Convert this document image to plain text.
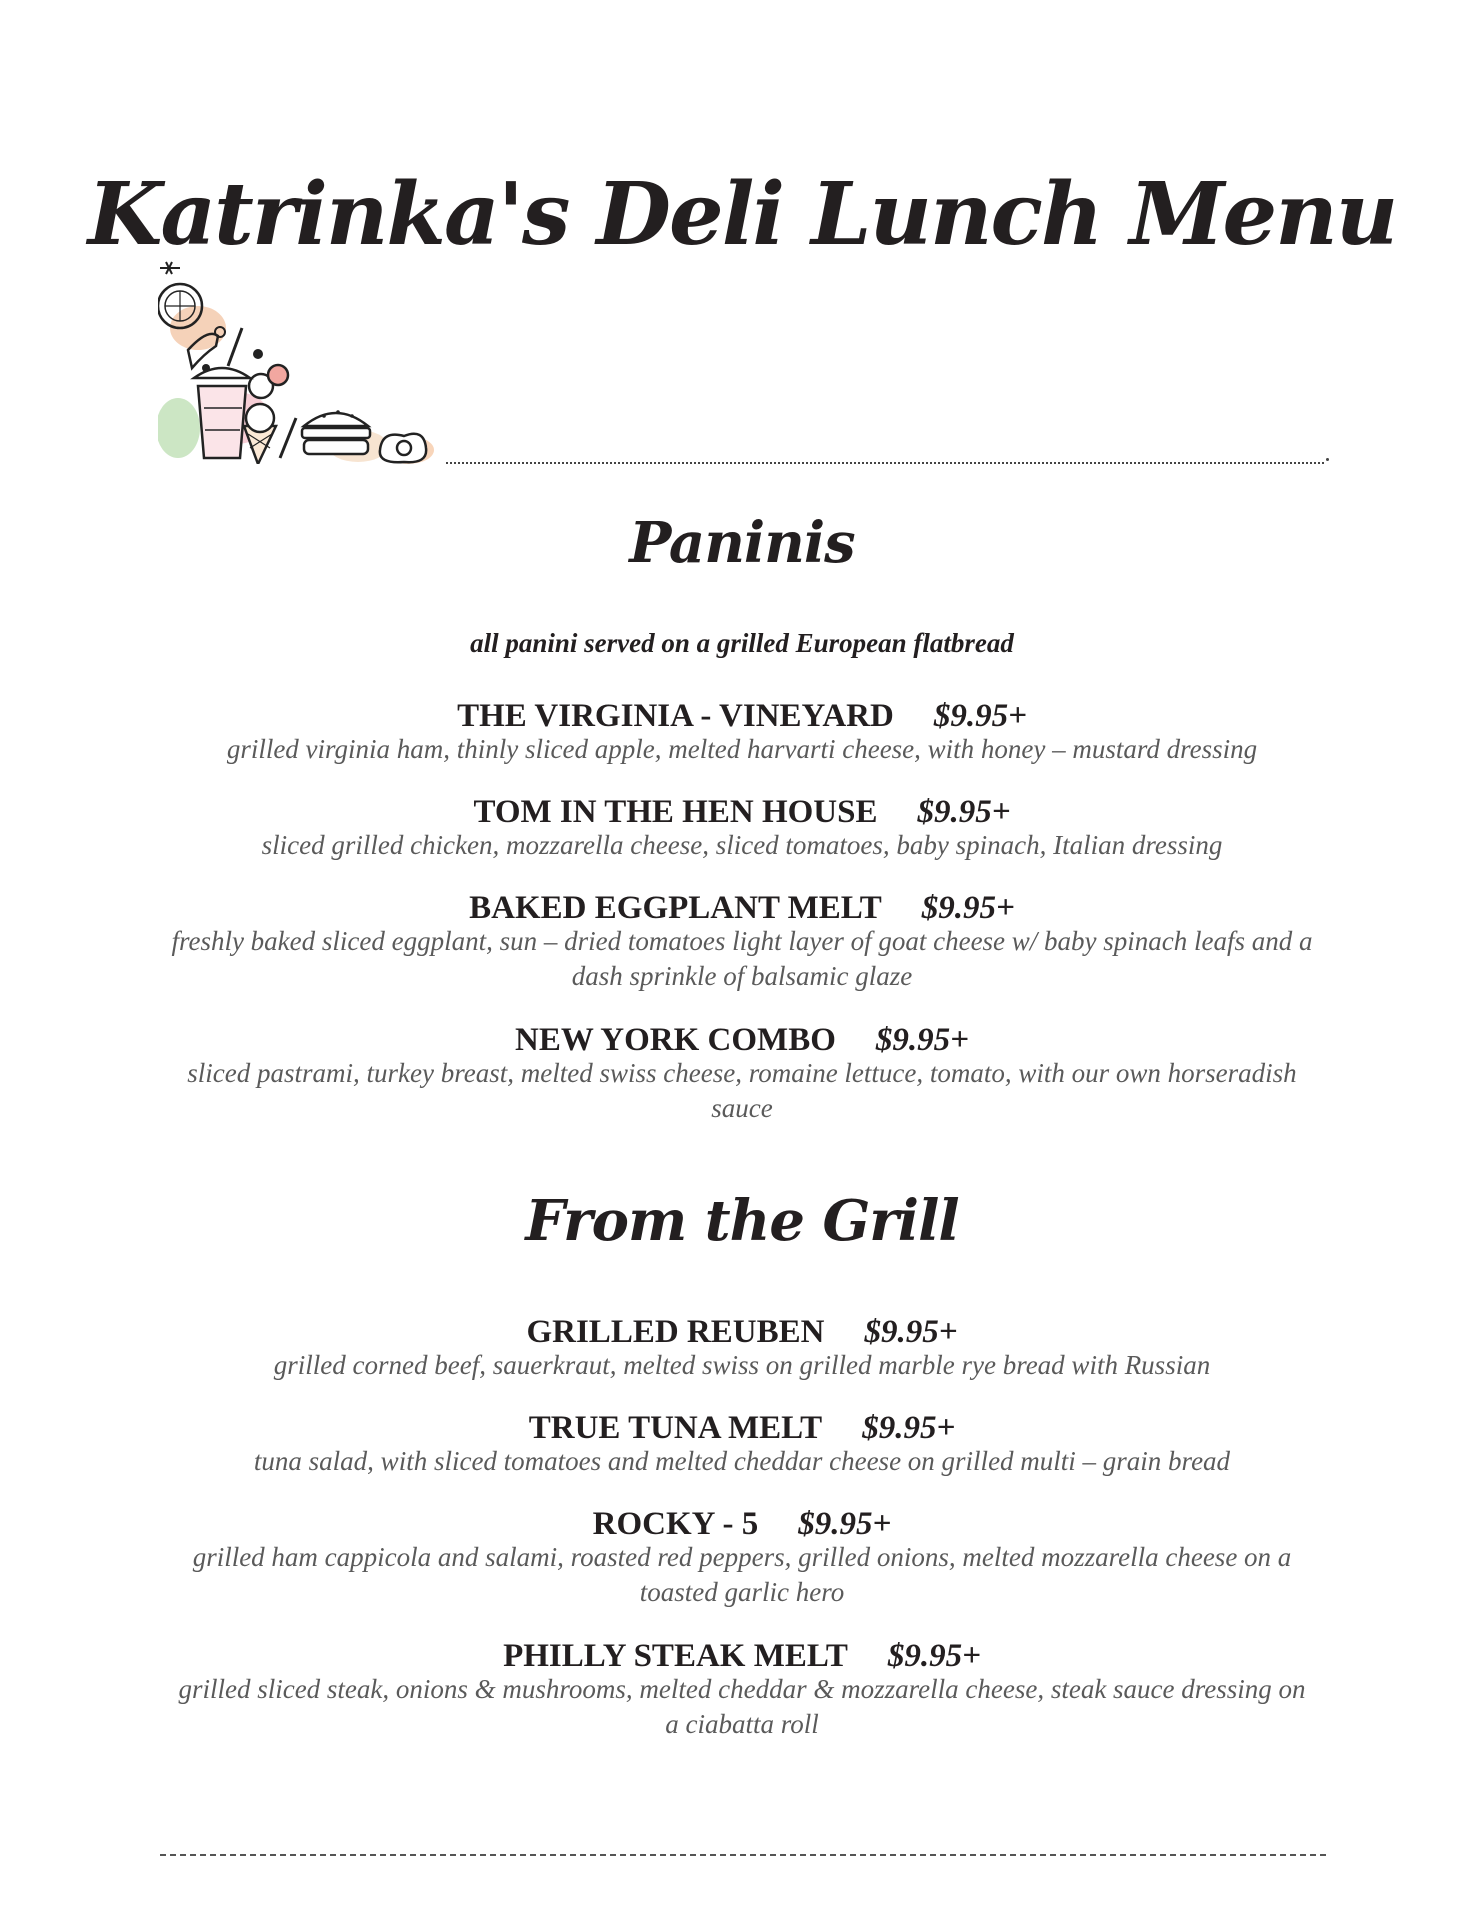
Katrinka's Deli Lunch Menu
Paninis
all panini served on a grilled European flatbread
THE VIRGINIA - VINEYARD $9.95+
grilled virginia ham, thinly sliced apple, melted harvarti cheese, with honey – mustard dressing
TOM IN THE HEN HOUSE $9.95+
sliced grilled chicken, mozzarella cheese, sliced tomatoes, baby spinach, Italian dressing
BAKED EGGPLANT MELT $9.95+
freshly baked sliced eggplant, sun – dried tomatoes light layer of goat cheese w/ baby spinach leafs and a dash sprinkle of balsamic glaze
NEW YORK COMBO $9.95+
sliced pastrami, turkey breast, melted swiss cheese, romaine lettuce, tomato, with our own horseradish sauce
From the Grill
GRILLED REUBEN $9.95+
grilled corned beef, sauerkraut, melted swiss on grilled marble rye bread with Russian
TRUE TUNA MELT $9.95+
tuna salad, with sliced tomatoes and melted cheddar cheese on grilled multi – grain bread
ROCKY - 5 $9.95+
grilled ham cappicola and salami, roasted red peppers, grilled onions, melted mozzarella cheese on a toasted garlic hero
PHILLY STEAK MELT $9.95+
grilled sliced steak, onions & mushrooms, melted cheddar & mozzarella cheese, steak sauce dressing on a ciabatta roll
